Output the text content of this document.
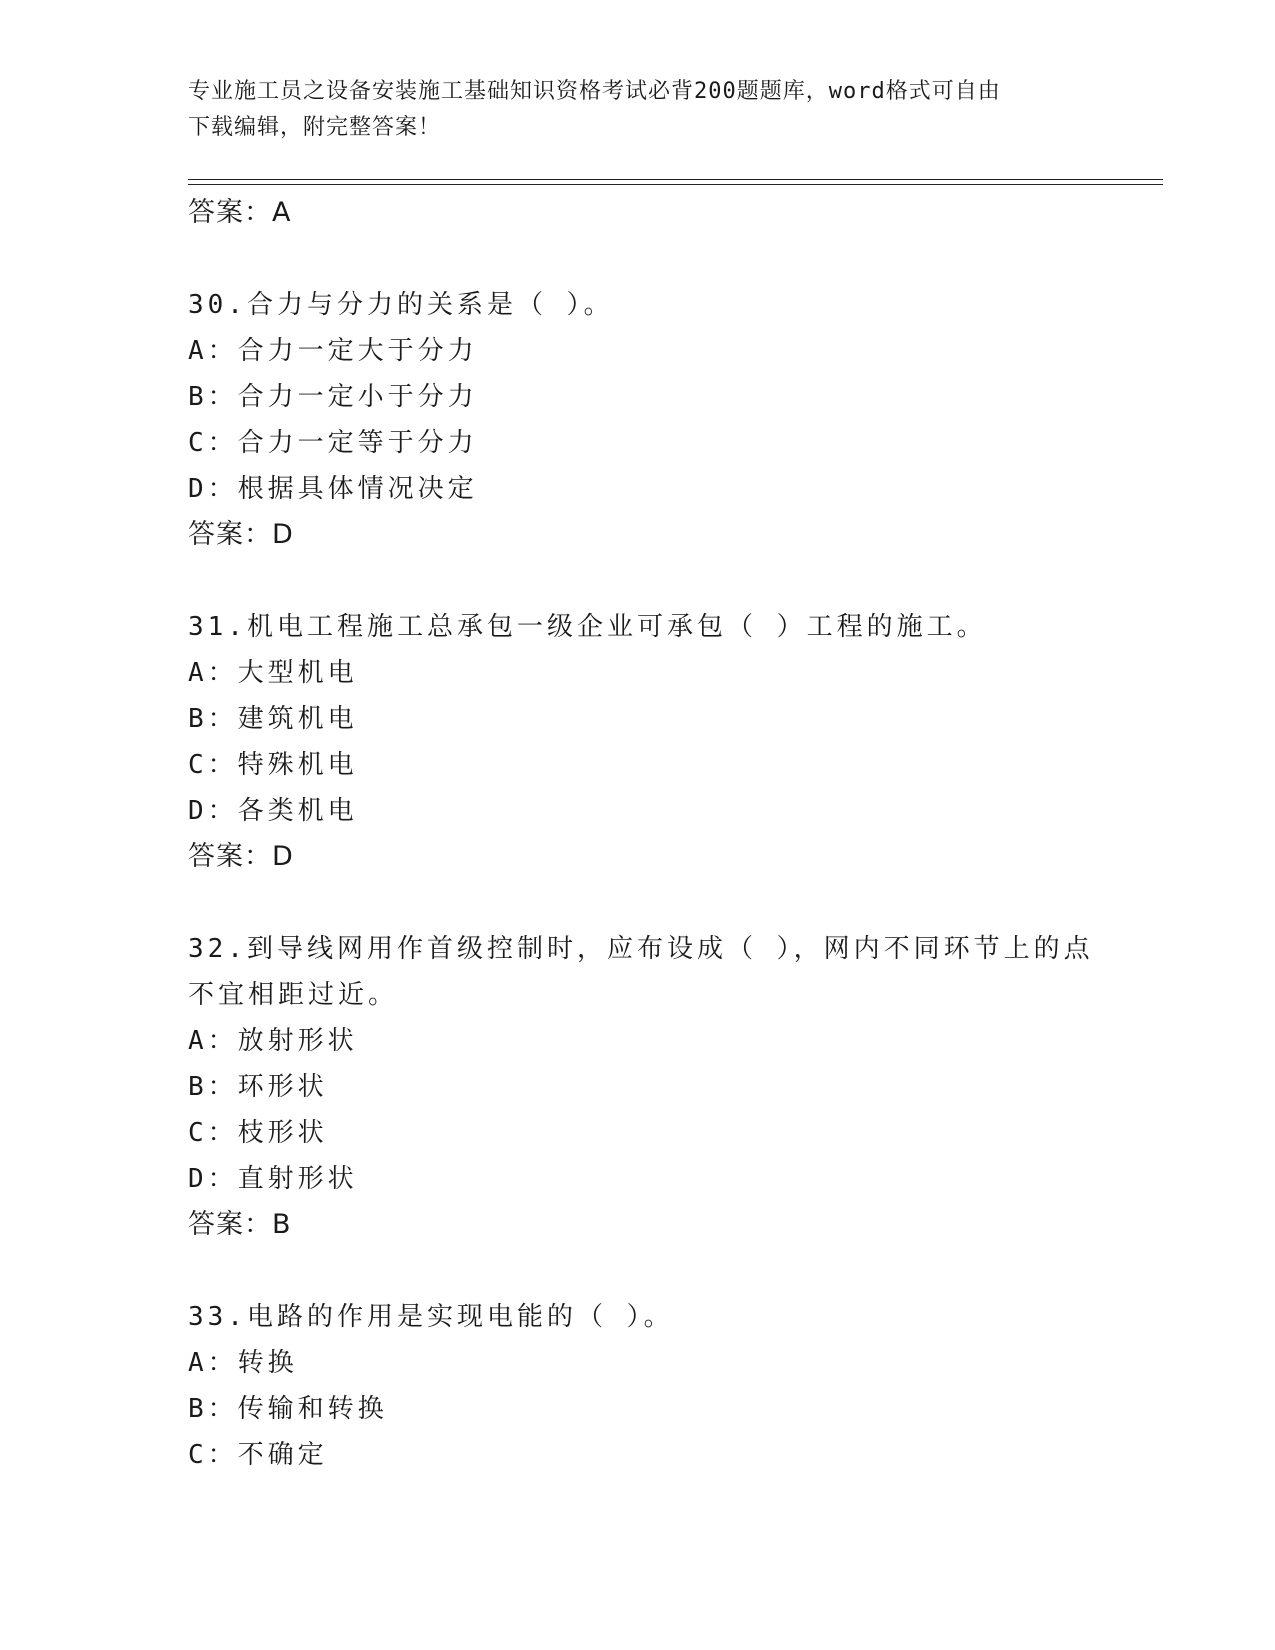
专业施工员之设备安装施工基础知识资格考试必背200题题库，word格式可自由
下载编辑，附完整答案！
答案：A
30.合力与分力的关系是（ ）。
A：合力一定大于分力
B：合力一定小于分力
C：合力一定等于分力
D：根据具体情况决定
答案：D
31.机电工程施工总承包一级企业可承包（ ）工程的施工。
A：大型机电
B：建筑机电
C：特殊机电
D：各类机电
答案：D
32.到导线网用作首级控制时，应布设成（ ），网内不同环节上的点
不宜相距过近。
A：放射形状
B：环形状
C：枝形状
D：直射形状
答案：B
33.电路的作用是实现电能的（ ）。
A：转换
B：传输和转换
C：不确定
